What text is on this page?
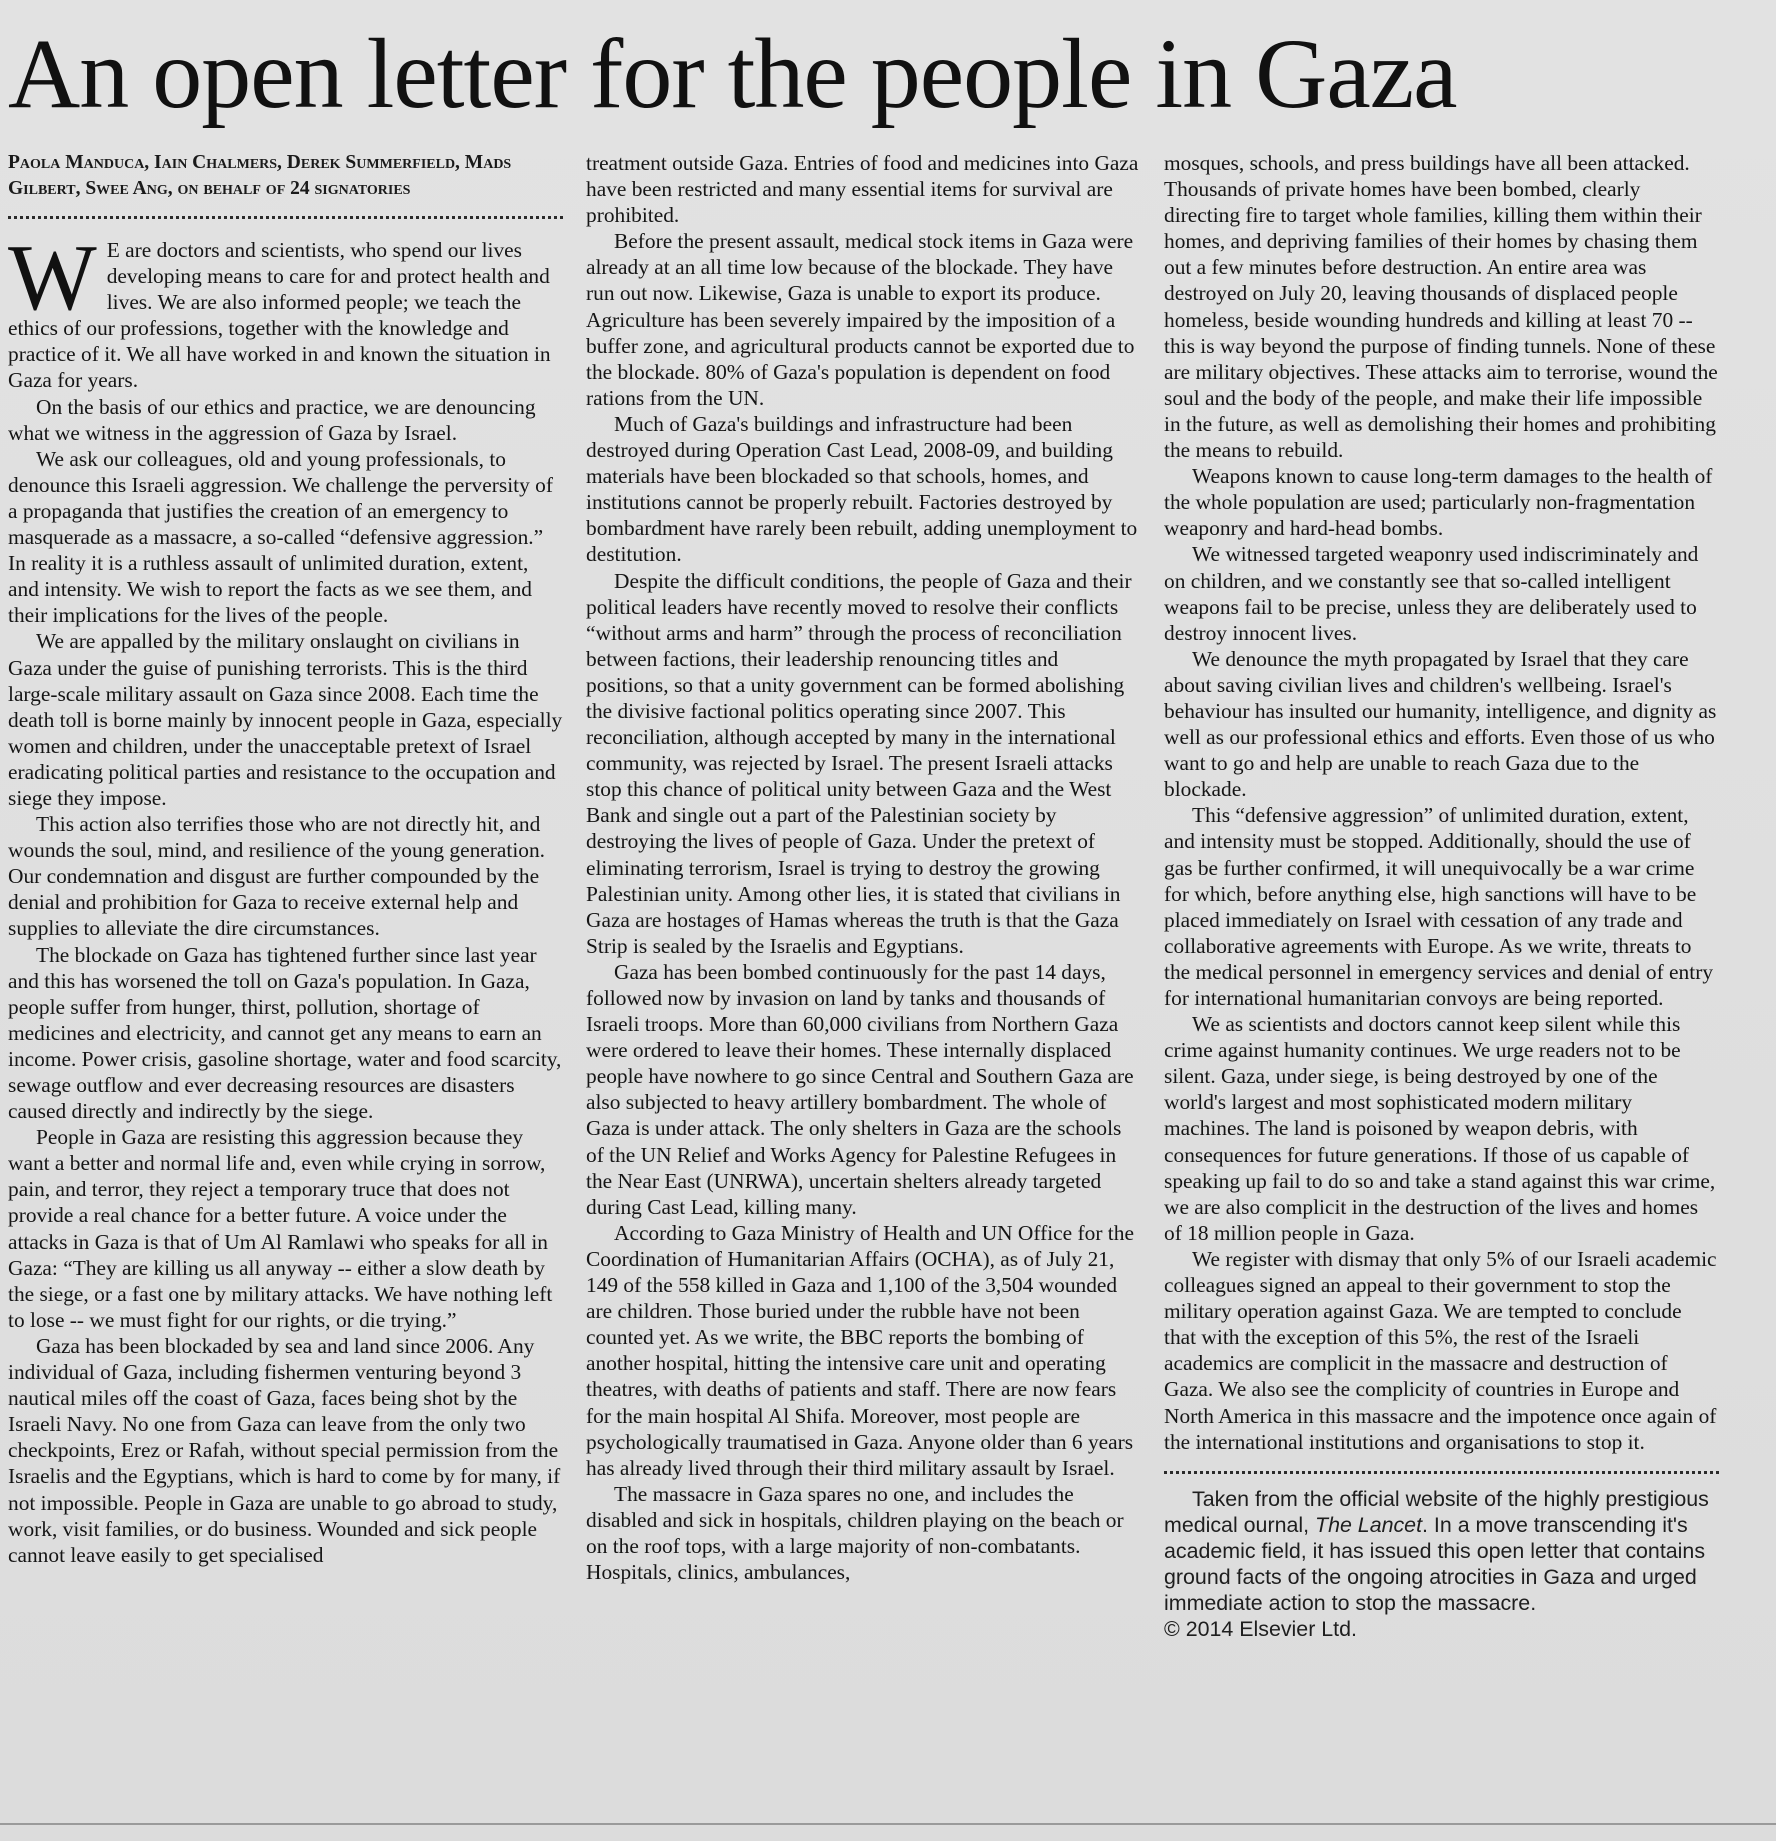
An open letter for the people in Gaza
Paola Manduca, Iain Chalmers, Derek Summerfield, Mads Gilbert, Swee Ang, on behalf of 24 signatories
W E are doctors and scientists, who spend our lives developing means to care for and protect health and lives. We are also informed people; we teach the ethics of our professions, together with the knowledge and practice of it. We all have worked in and known the situation in Gaza for years.

On the basis of our ethics and practice, we are denouncing what we witness in the aggression of Gaza by Israel.

We ask our colleagues, old and young professionals, to denounce this Israeli aggression. We challenge the perversity of a propaganda that justifies the creation of an emergency to masquerade as a massacre, a so-called “defensive aggression.” In reality it is a ruthless assault of unlimited duration, extent, and intensity. We wish to report the facts as we see them, and their implications for the lives of the people.

We are appalled by the military onslaught on civilians in Gaza under the guise of punishing terrorists. This is the third large-scale military assault on Gaza since 2008. Each time the death toll is borne mainly by innocent people in Gaza, especially women and children, under the unacceptable pretext of Israel eradicating political parties and resistance to the occupation and siege they impose.

This action also terrifies those who are not directly hit, and wounds the soul, mind, and resilience of the young generation. Our condemnation and disgust are further compounded by the denial and prohibition for Gaza to receive external help and supplies to alleviate the dire circumstances.

The blockade on Gaza has tightened further since last year and this has worsened the toll on Gaza's population. In Gaza, people suffer from hunger, thirst, pollution, shortage of medicines and electricity, and cannot get any means to earn an income. Power crisis, gasoline shortage, water and food scarcity, sewage outflow and ever decreasing resources are disasters caused directly and indirectly by the siege.

People in Gaza are resisting this aggression because they want a better and normal life and, even while crying in sorrow, pain, and terror, they reject a temporary truce that does not provide a real chance for a better future. A voice under the attacks in Gaza is that of Um Al Ramlawi who speaks for all in Gaza: “They are killing us all anyway -- either a slow death by the siege, or a fast one by military attacks. We have nothing left to lose -- we must fight for our rights, or die trying.”

Gaza has been blockaded by sea and land since 2006. Any individual of Gaza, including fishermen venturing beyond 3 nautical miles off the coast of Gaza, faces being shot by the Israeli Navy. No one from Gaza can leave from the only two checkpoints, Erez or Rafah, without special permission from the Israelis and the Egyptians, which is hard to come by for many, if not impossible. People in Gaza are unable to go abroad to study, work, visit families, or do business. Wounded and sick people cannot leave easily to get specialised

treatment outside Gaza. Entries of food and medicines into Gaza have been restricted and many essential items for survival are prohibited.

Before the present assault, medical stock items in Gaza were already at an all time low because of the blockade. They have run out now. Likewise, Gaza is unable to export its produce. Agriculture has been severely impaired by the imposition of a buffer zone, and agricultural products cannot be exported due to the blockade. 80% of Gaza's population is dependent on food rations from the UN.

Much of Gaza's buildings and infrastructure had been destroyed during Operation Cast Lead, 2008-09, and building materials have been blockaded so that schools, homes, and institutions cannot be properly rebuilt. Factories destroyed by bombardment have rarely been rebuilt, adding unemployment to destitution.

Despite the difficult conditions, the people of Gaza and their political leaders have recently moved to resolve their conflicts “without arms and harm” through the process of reconciliation between factions, their leadership renouncing titles and positions, so that a unity government can be formed abolishing the divisive factional politics operating since 2007. This reconciliation, although accepted by many in the international community, was rejected by Israel. The present Israeli attacks stop this chance of political unity between Gaza and the West Bank and single out a part of the Palestinian society by destroying the lives of people of Gaza. Under the pretext of eliminating terrorism, Israel is trying to destroy the growing Palestinian unity. Among other lies, it is stated that civilians in Gaza are hostages of Hamas whereas the truth is that the Gaza Strip is sealed by the Israelis and Egyptians.

Gaza has been bombed continuously for the past 14 days, followed now by invasion on land by tanks and thousands of Israeli troops. More than 60,000 civilians from Northern Gaza were ordered to leave their homes. These internally displaced people have nowhere to go since Central and Southern Gaza are also subjected to heavy artillery bombardment. The whole of Gaza is under attack. The only shelters in Gaza are the schools of the UN Relief and Works Agency for Palestine Refugees in the Near East (UNRWA), uncertain shelters already targeted during Cast Lead, killing many.

According to Gaza Ministry of Health and UN Office for the Coordination of Humanitarian Affairs (OCHA), as of July 21, 149 of the 558 killed in Gaza and 1,100 of the 3,504 wounded are children. Those buried under the rubble have not been counted yet. As we write, the BBC reports the bombing of another hospital, hitting the intensive care unit and operating theatres, with deaths of patients and staff. There are now fears for the main hospital Al Shifa. Moreover, most people are psychologically traumatised in Gaza. Anyone older than 6 years has already lived through their third military assault by Israel.

The massacre in Gaza spares no one, and includes the disabled and sick in hospitals, children playing on the beach or on the roof tops, with a large majority of non-combatants. Hospitals, clinics, ambulances,

mosques, schools, and press buildings have all been attacked. Thousands of private homes have been bombed, clearly directing fire to target whole families, killing them within their homes, and depriving families of their homes by chasing them out a few minutes before destruction. An entire area was destroyed on July 20, leaving thousands of displaced people homeless, beside wounding hundreds and killing at least 70 -- this is way beyond the purpose of finding tunnels. None of these are military objectives. These attacks aim to terrorise, wound the soul and the body of the people, and make their life impossible in the future, as well as demolishing their homes and prohibiting the means to rebuild.

Weapons known to cause long-term damages to the health of the whole population are used; particularly non-fragmentation weaponry and hard-head bombs.

We witnessed targeted weaponry used indiscriminately and on children, and we constantly see that so-called intelligent weapons fail to be precise, unless they are deliberately used to destroy innocent lives.

We denounce the myth propagated by Israel that they care about saving civilian lives and children's wellbeing. Israel's behaviour has insulted our humanity, intelligence, and dignity as well as our professional ethics and efforts. Even those of us who want to go and help are unable to reach Gaza due to the blockade.

This “defensive aggression” of unlimited duration, extent, and intensity must be stopped. Additionally, should the use of gas be further confirmed, it will unequivocally be a war crime for which, before anything else, high sanctions will have to be placed immediately on Israel with cessation of any trade and collaborative agreements with Europe. As we write, threats to the medical personnel in emergency services and denial of entry for international humanitarian convoys are being reported.

We as scientists and doctors cannot keep silent while this crime against humanity continues. We urge readers not to be silent. Gaza, under siege, is being destroyed by one of the world's largest and most sophisticated modern military machines. The land is poisoned by weapon debris, with consequences for future generations. If those of us capable of speaking up fail to do so and take a stand against this war crime, we are also complicit in the destruction of the lives and homes of 18 million people in Gaza.

We register with dismay that only 5% of our Israeli academic colleagues signed an appeal to their government to stop the military operation against Gaza. We are tempted to conclude that with the exception of this 5%, the rest of the Israeli academics are complicit in the massacre and destruction of Gaza. We also see the complicity of countries in Europe and North America in this massacre and the impotence once again of the international institutions and organisations to stop it.

Taken from the official website of the highly prestigious medical ournal, The Lancet. In a move transcending it's academic field, it has issued this open letter that contains ground facts of the ongoing atrocities in Gaza and urged immediate action to stop the massacre.
© 2014 Elsevier Ltd.
